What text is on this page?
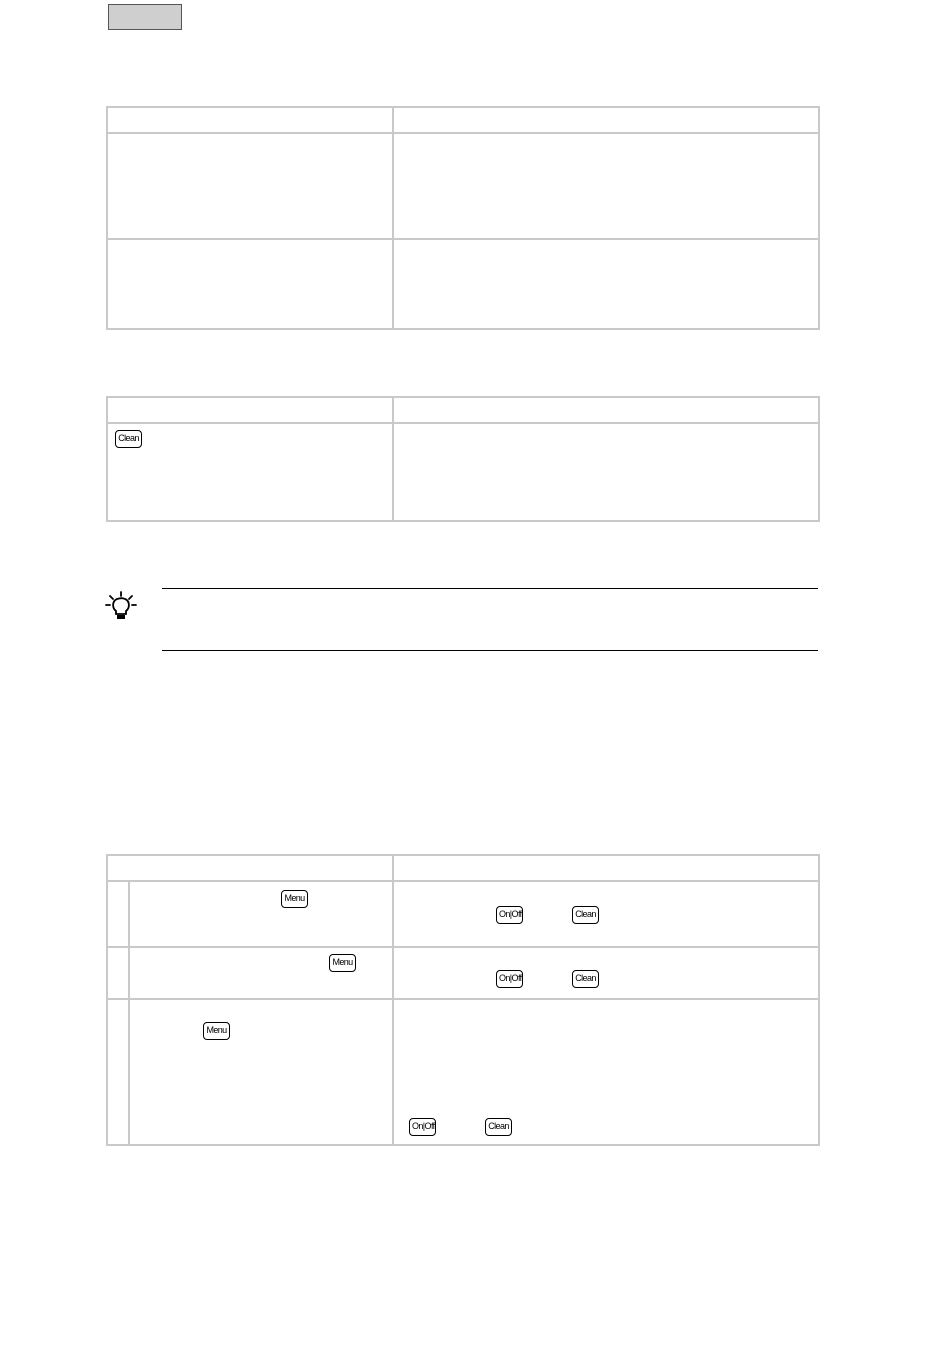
Clean	

	Menu	On|Off Clean

	Menu	On|Off Clean

	Menu	On|Off Clean
